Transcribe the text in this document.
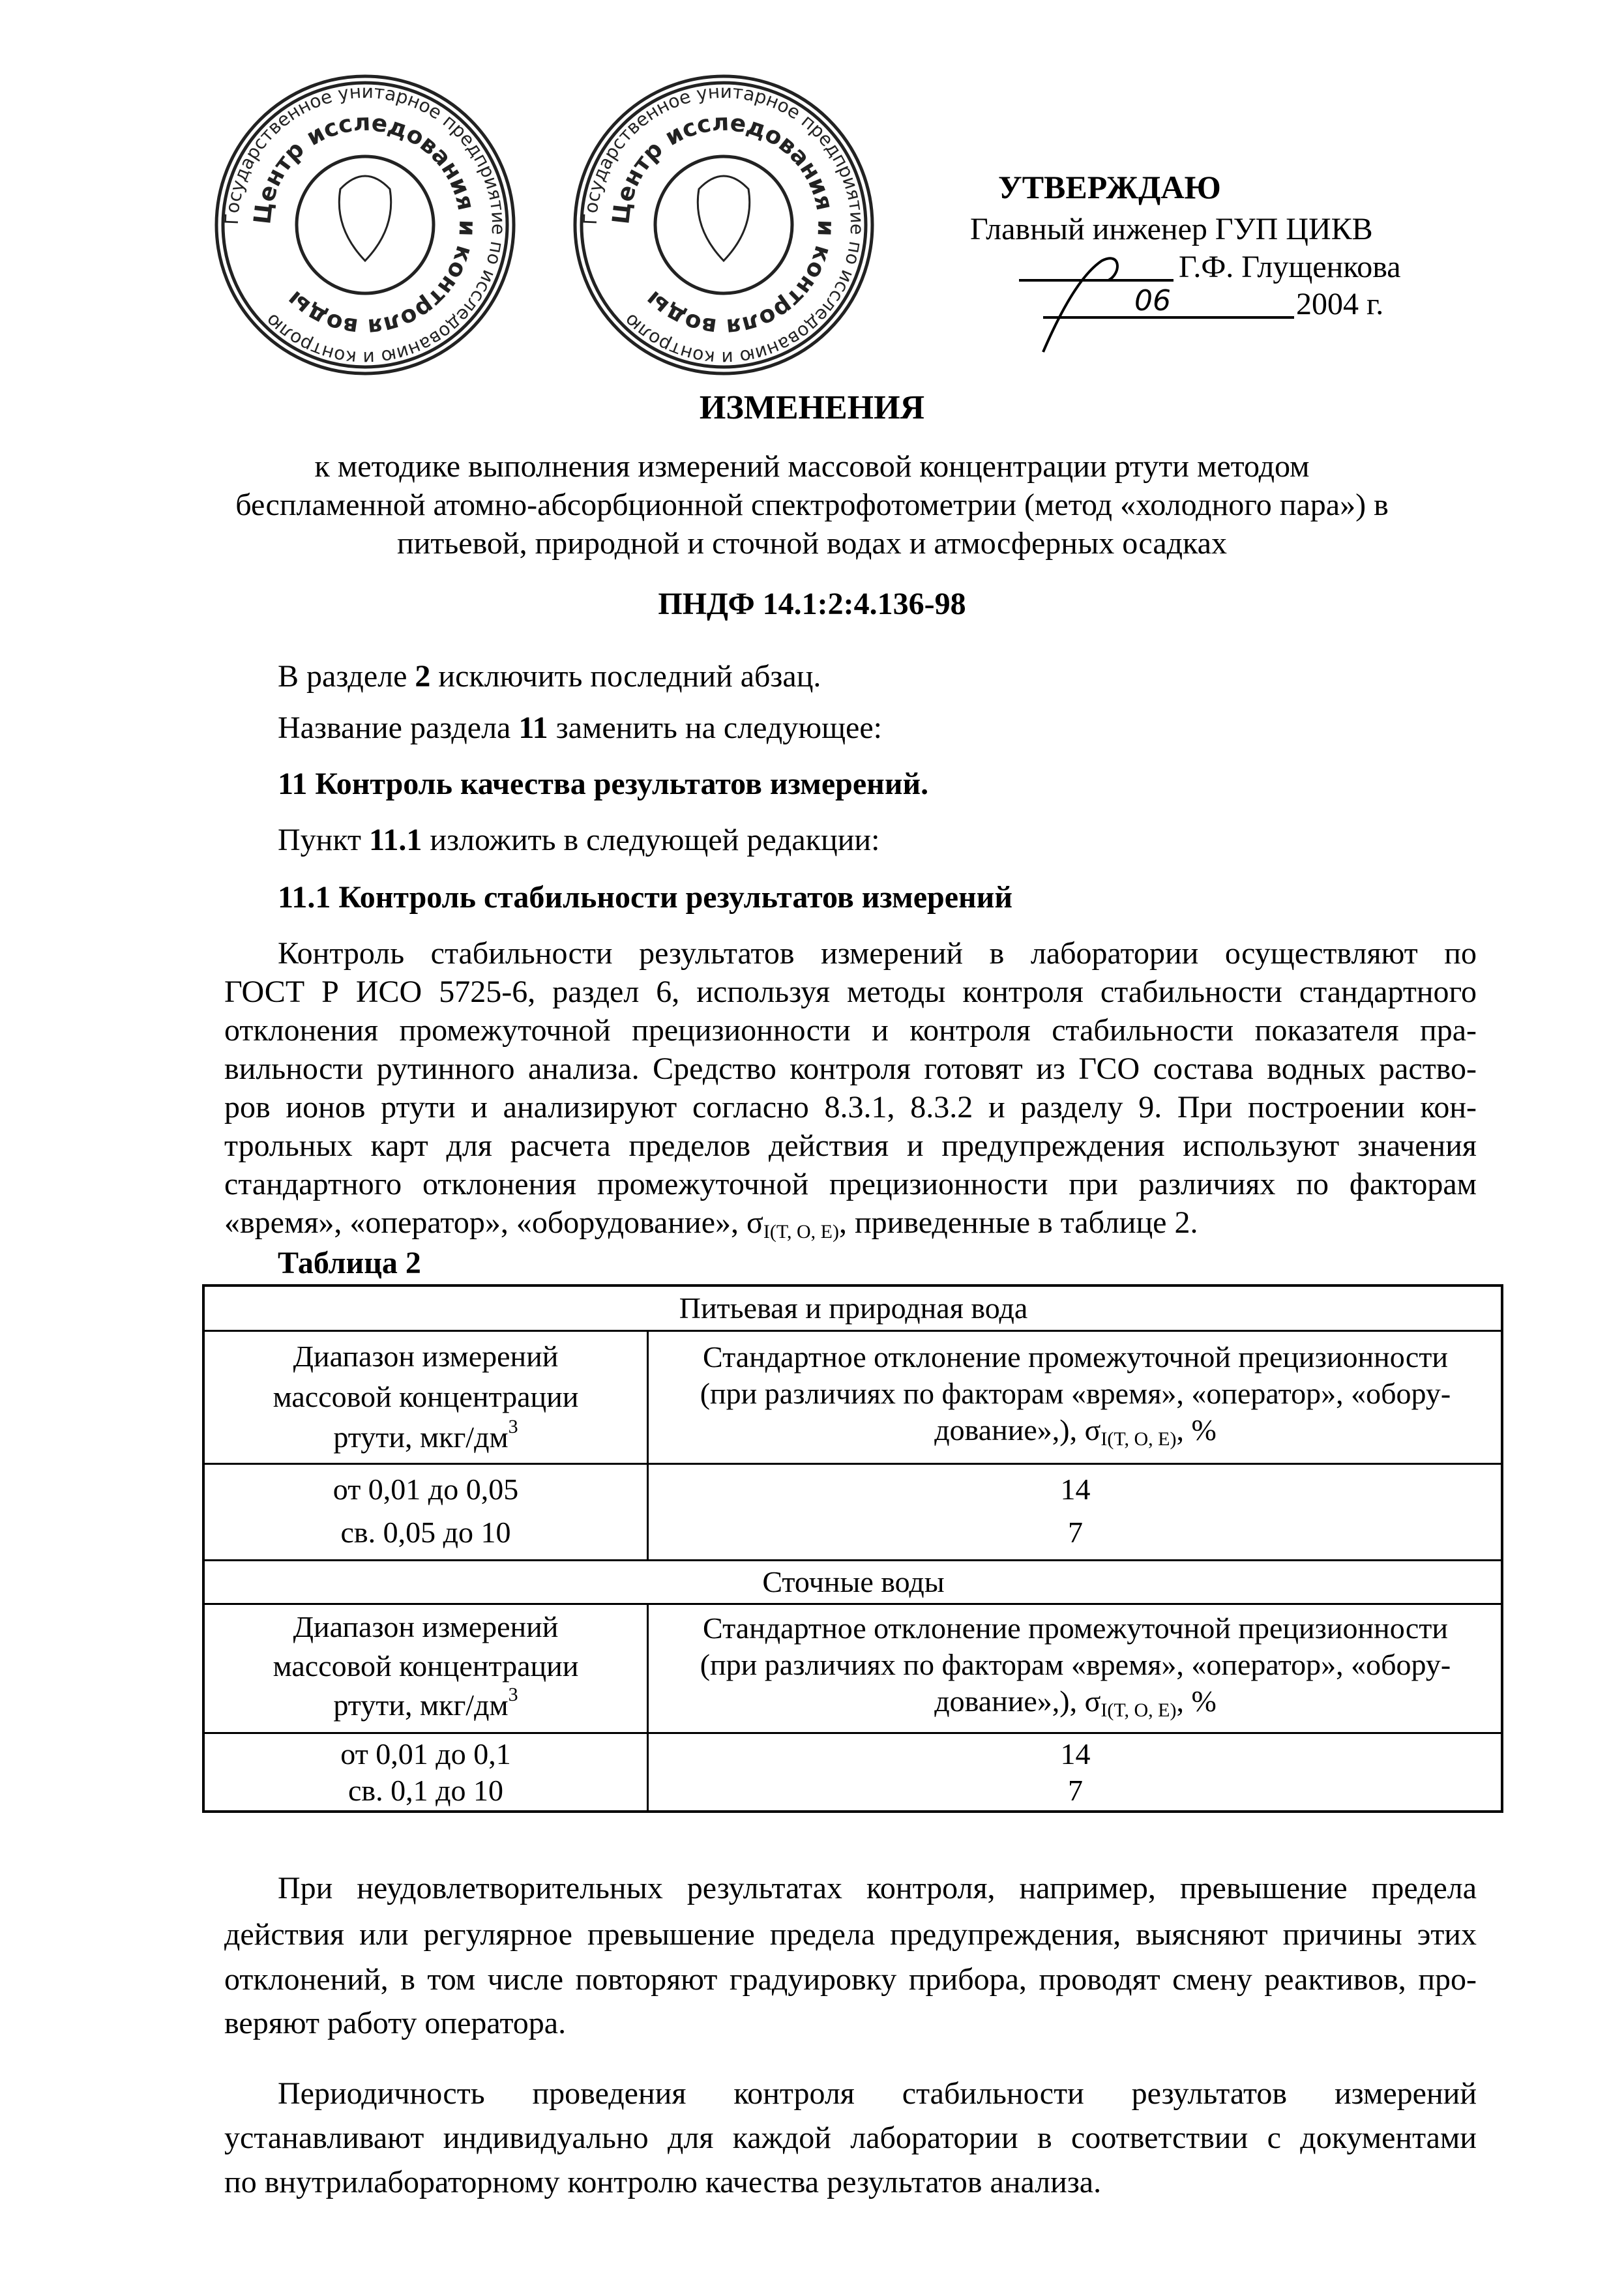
Государственное унитарное предприятие по исследованию и контролю
Центр исследования и контроля воды
Государственное унитарное предприятие по исследованию и контролю
Центр исследования и контроля воды
УТВЕРЖДАЮ
Главный инженер ГУП ЦИКВ
Г.Ф. Глущенкова
06	2004 г.
ИЗМЕНЕНИЯ
к методике выполнения измерений массовой концентрации ртути методом
беспламенной атомно-абсорбционной спектрофотометрии (метод «холодного пара») в
питьевой, природной и сточной водах и атмосферных осадках
ПНДФ 14.1:2:4.136-98
В разделе 2 исключить последний абзац.
Название раздела 11 заменить на следующее:
11 Контроль качества результатов измерений.
Пункт 11.1 изложить в следующей редакции:
11.1 Контроль стабильности результатов измерений
Контроль стабильности результатов измерений в лаборатории осуществляют по
ГОСТ Р ИСО 5725-6, раздел 6, используя методы контроля стабильности стандартного
отклонения промежуточной прецизионности и контроля стабильности показателя пра-
вильности рутинного анализа. Средство контроля готовят из ГСО состава водных раство-
ров ионов ртути и анализируют согласно 8.3.1, 8.3.2 и разделу 9. При построении кон-
трольных карт для расчета пределов действия и предупреждения используют значения
стандартного отклонения промежуточной прецизионности при различиях по факторам
«время», «оператор», «оборудование», $\sigma_{I(T, O, E)}$, приведенные в таблице 2.
Таблица 2
Питьевая и природная вода
Диапазон измерений
массовой концентрации
ртути, мкг/$дм^3$
Стандартное отклонение промежуточной прецизионности
(при различиях по факторам «время», «оператор», «обору-
дование»,), $\sigma_{I(T, O, E)}$, %
от 0,01 до 0,05
св. 0,05 до 10
14
7
Сточные воды
Диапазон измерений
массовой концентрации
ртути, мкг/$дм^3$
Стандартное отклонение промежуточной прецизионности
(при различиях по факторам «время», «оператор», «обору-
дование»,), $\sigma_{I(T, O, E)}$, %
от 0,01 до 0,1
св. 0,1 до 10
14
7
При неудовлетворительных результатах контроля, например, превышение предела
действия или регулярное превышение предела предупреждения, выясняют причины этих
отклонений, в том числе повторяют градуировку прибора, проводят смену реактивов, про-
веряют работу оператора.
Периодичность проведения контроля стабильности результатов измерений
устанавливают индивидуально для каждой лаборатории в соответствии с документами
по внутрилабораторному контролю качества результатов анализа.
